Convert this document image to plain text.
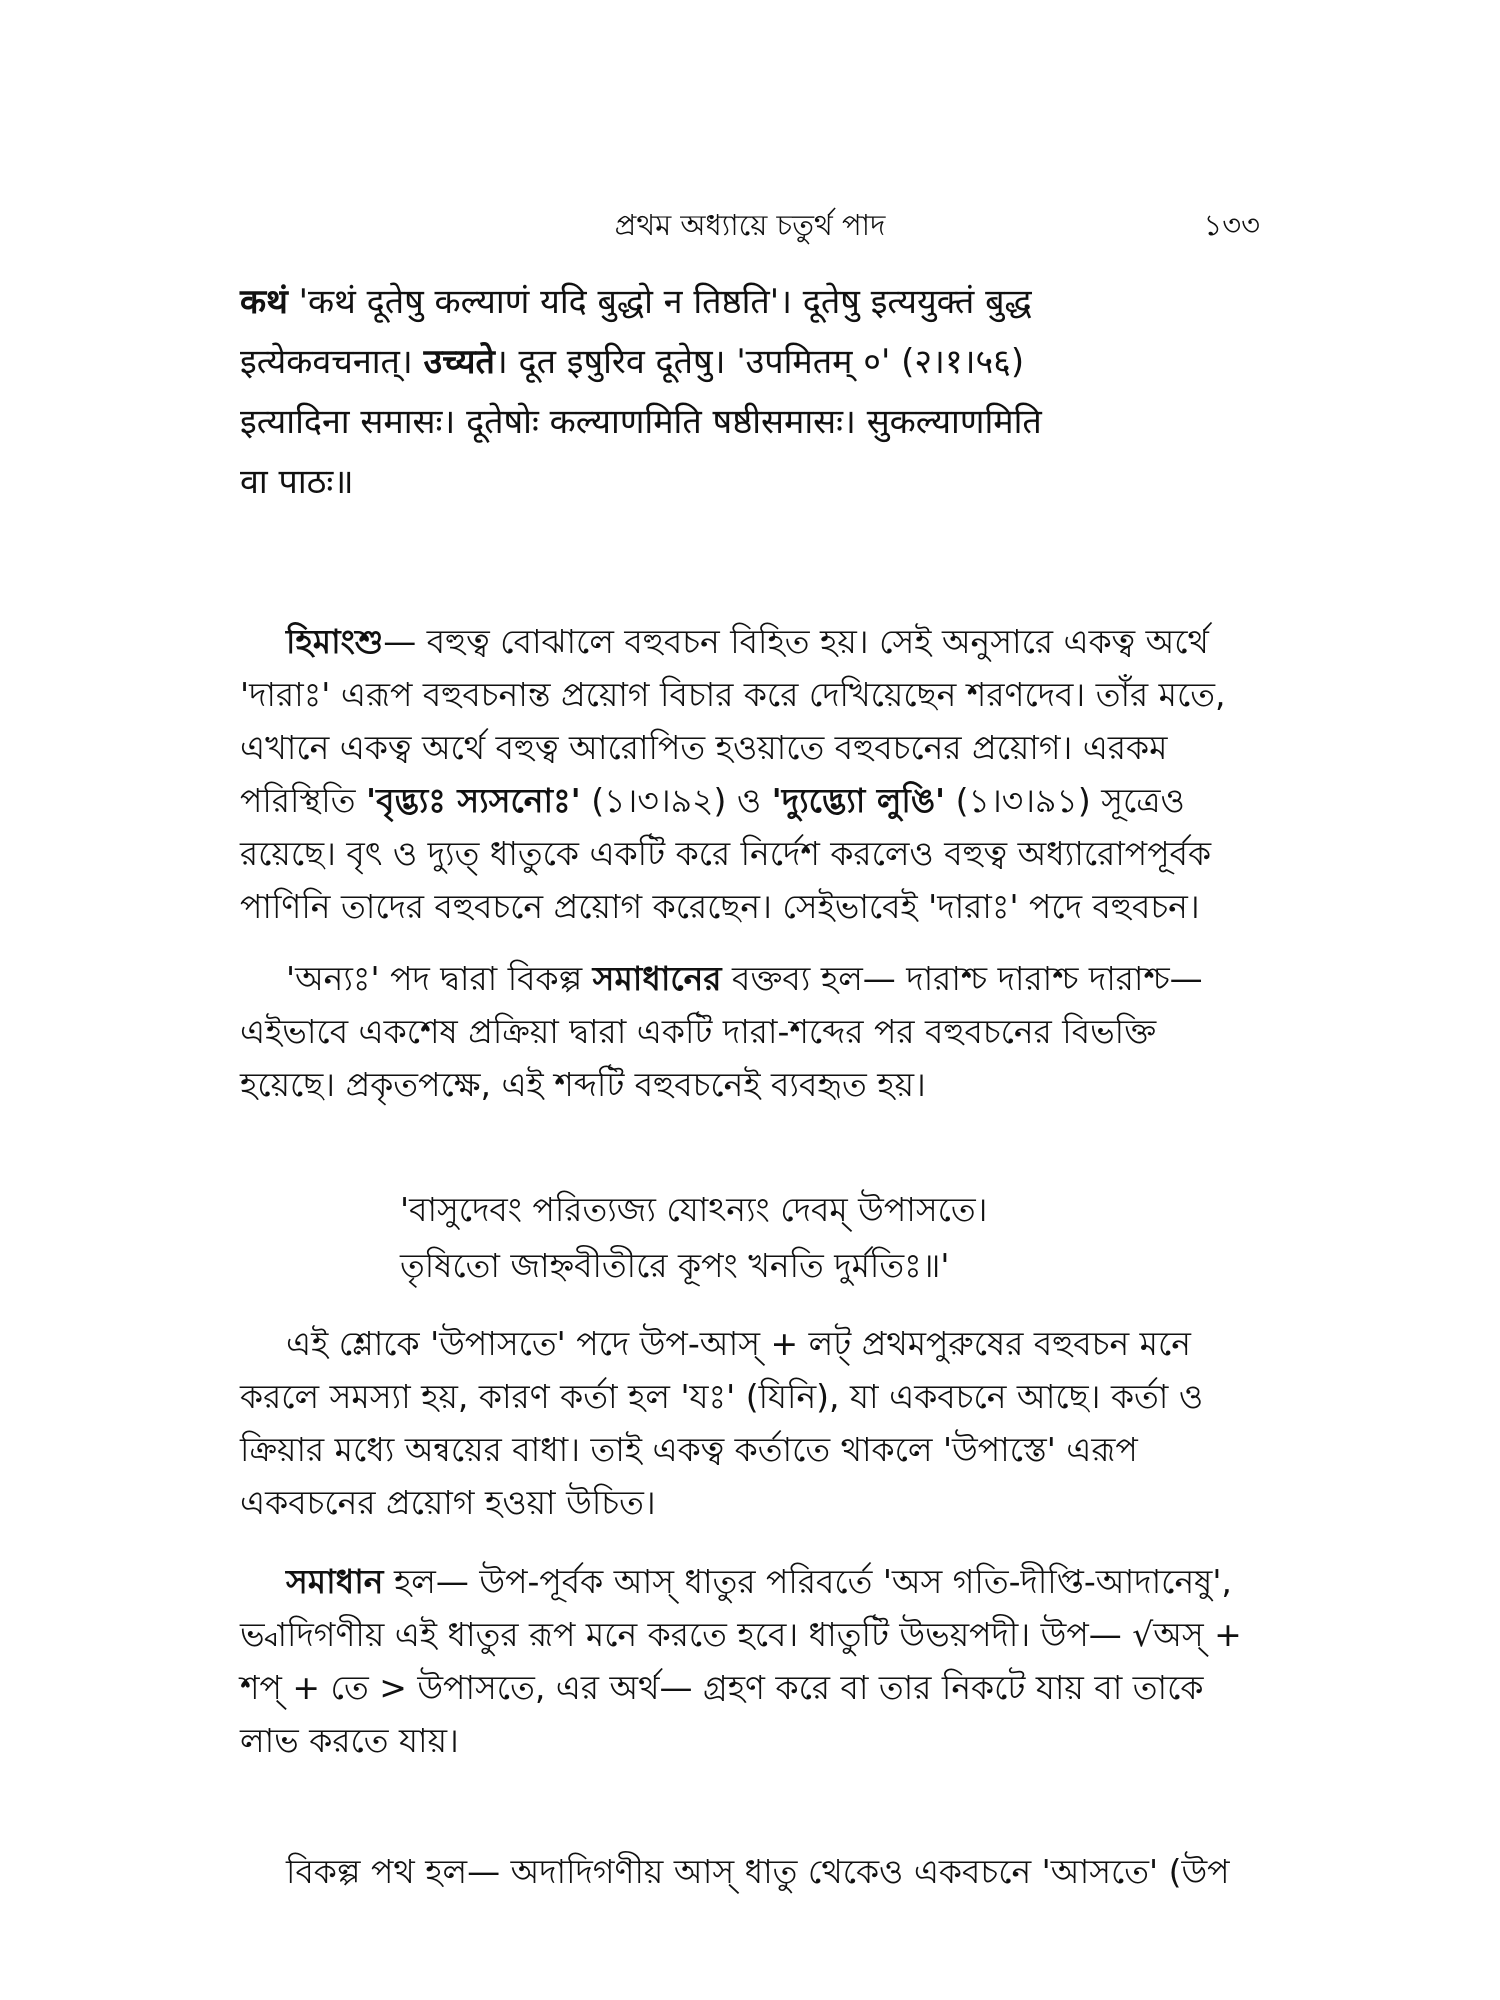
প্রথম অধ্যায়ে চতুর্থ পাদ	১৩৩

कथं 'कथं दूतेषु कल्याणं यदि बुद्धो न तिष्ठति'। दूतेषु इत्ययुक्तं बुद्ध

इत्येकवचनात्। उच्यते। दूत इषुरिव दूतेषु। 'उपमितम् ०' (२।१।५६)

इत्यादिना समासः। दूतेषोः कल्याणमिति षष्ठीसमासः। सुकल्याणमिति

वा पाठः॥

হিমাংশু— বহুত্ব বোঝালে বহুবচন বিহিত হয়। সেই অনুসারে একত্ব অর্থে 'দারাঃ' এরূপ বহুবচনান্ত প্রয়োগ বিচার করে দেখিয়েছেন শরণদেব। তাঁর মতে, এখানে একত্ব অর্থে বহুত্ব আরোপিত হওয়াতে বহুবচনের প্রয়োগ। এরকম পরিস্থিতি 'বৃদ্ভ্যঃ স্যসনোঃ' (১।৩।৯২) ও 'দ্যুদ্ভ্যো লুঙি' (১।৩।৯১) সূত্রেও রয়েছে। বৃৎ ও দ্যুত্ ধাতুকে একটি করে নির্দেশ করলেও বহুত্ব অধ্যারোপপূর্বক পাণিনি তাদের বহুবচনে প্রয়োগ করেছেন। সেইভাবেই 'দারাঃ' পদে বহুবচন।

'অন্যঃ' পদ দ্বারা বিকল্প সমাধানের বক্তব্য হল— দারাশ্চ দারাশ্চ দারাশ্চ— এইভাবে একশেষ প্রক্রিয়া দ্বারা একটি দারা-শব্দের পর বহুবচনের বিভক্তি হয়েছে। প্রকৃতপক্ষে, এই শব্দটি বহুবচনেই ব্যবহৃত হয়।

'বাসুদেবং পরিত্যজ্য যোঽন্যং দেবম্ উপাসতে।
তৃষিতো জাহ্নবীতীরে কূপং খনতি দুর্মতিঃ॥'

এই শ্লোকে 'উপাসতে' পদে উপ-আস্ + লট্ প্রথমপুরুষের বহুবচন মনে করলে সমস্যা হয়, কারণ কর্তা হল 'যঃ' (যিনি), যা একবচনে আছে। কর্তা ও ক্রিয়ার মধ্যে অন্বয়ের বাধা। তাই একত্ব কর্তাতে থাকলে 'উপাস্তে' এরূপ একবচনের প্রয়োগ হওয়া উচিত।

সমাধান হল— উপ-পূর্বক আস্ ধাতুর পরিবর্তে 'অস গতি-দীপ্তি-আদানেষু', ভ্বাদিগণীয় এই ধাতুর রূপ মনে করতে হবে। ধাতুটি উভয়পদী। উপ— √অস্ + শপ্ + তে > উপাসতে, এর অর্থ— গ্রহণ করে বা তার নিকটে যায় বা তাকে লাভ করতে যায়।

বিকল্প পথ হল— অদাদিগণীয় আস্ ধাতু থেকেও একবচনে 'আসতে' (উপ
